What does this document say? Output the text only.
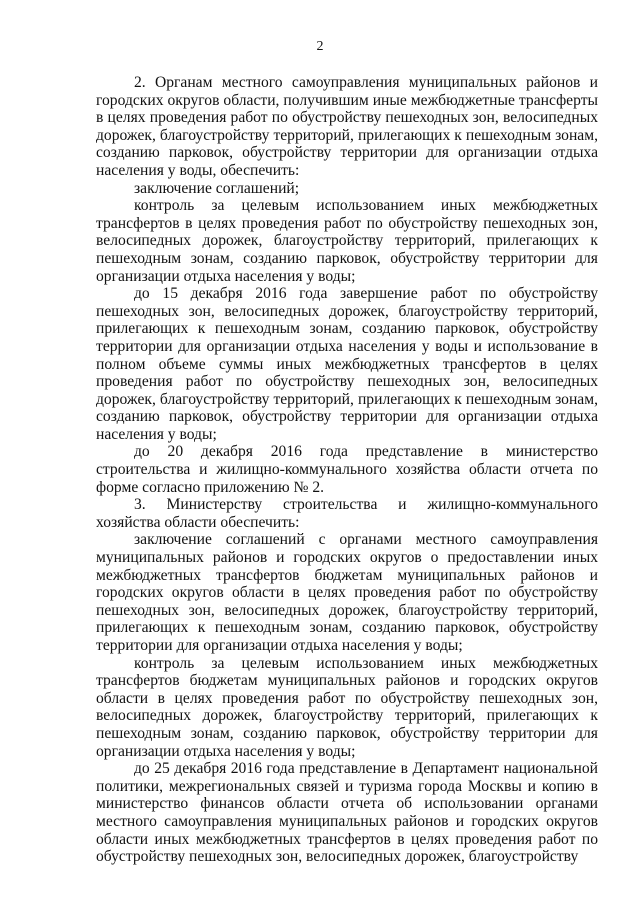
2

2. Органам местного самоуправления муниципальных районов и городских округов области, получившим иные межбюджетные трансферты в целях проведения работ по обустройству пешеходных зон, велосипедных дорожек, благоустройству территорий, прилегающих к пешеходным зонам, созданию парковок, обустройству территории для организации отдыха населения у воды, обеспечить:

заключение соглашений;

контроль за целевым использованием иных межбюджетных трансфертов в целях проведения работ по обустройству пешеходных зон, велосипедных дорожек, благоустройству территорий, прилегающих к пешеходным зонам, созданию парковок, обустройству территории для организации отдыха населения у воды;

до 15 декабря 2016 года завершение работ по обустройству пешеходных зон, велосипедных дорожек, благоустройству территорий, прилегающих к пешеходным зонам, созданию парковок, обустройству территории для организации отдыха населения у воды и использование в полном объеме суммы иных межбюджетных трансфертов в целях проведения работ по обустройству пешеходных зон, велосипедных дорожек, благоустройству территорий, прилегающих к пешеходным зонам, созданию парковок, обустройству территории для организации отдыха населения у воды;

до 20 декабря 2016 года представление в министерство строительства и жилищно-коммунального хозяйства области отчета по форме согласно приложению № 2.

3. Министерству строительства и жилищно-коммунального хозяйства области обеспечить:

заключение соглашений с органами местного самоуправления муниципальных районов и городских округов о предоставлении иных межбюджетных трансфертов бюджетам муниципальных районов и городских округов области в целях проведения работ по обустройству пешеходных зон, велосипедных дорожек, благоустройству территорий, прилегающих к пешеходным зонам, созданию парковок, обустройству территории для организации отдыха населения у воды;

контроль за целевым использованием иных межбюджетных трансфертов бюджетам муниципальных районов и городских округов области в целях проведения работ по обустройству пешеходных зон, велосипедных дорожек, благоустройству территорий, прилегающих к пешеходным зонам, созданию парковок, обустройству территории для организации отдыха населения у воды;

до 25 декабря 2016 года представление в Департамент национальной политики, межрегиональных связей и туризма города Москвы и копию в министерство финансов области отчета об использовании органами местного самоуправления муниципальных районов и городских округов области иных межбюджетных трансфертов в целях проведения работ по обустройству пешеходных зон, велосипедных дорожек, благоустройству
